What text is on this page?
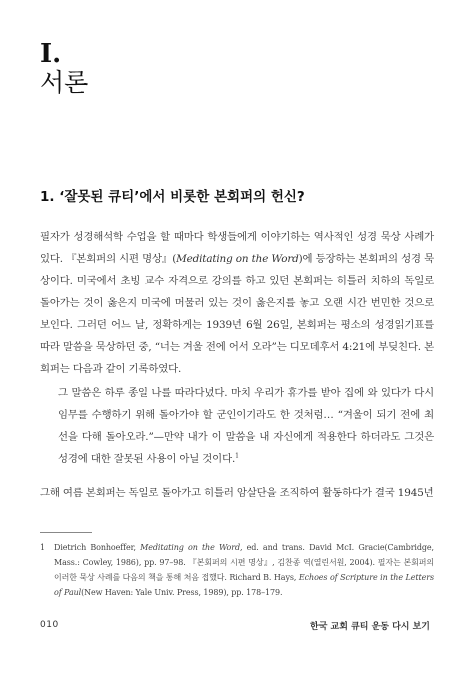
I.
서론
1. ‘잘못된 큐티’에서 비롯한 본회퍼의 헌신?
필자가 성경해석학 수업을 할 때마다 학생들에게 이야기하는 역사적인 성경 묵상 사례가 있다. 『본회퍼의 시편 명상』(Meditating on the Word)에 등장하는 본회퍼의 성경 묵상이다. 미국에서 초빙 교수 자격으로 강의를 하고 있던 본회퍼는 히틀러 치하의 독일로 돌아가는 것이 옳은지 미국에 머물러 있는 것이 옳은지를 놓고 오랜 시간 번민한 것으로 보인다. 그러던 어느 날, 정확하게는 1939년 6월 26일, 본회퍼는 평소의 성경읽기표를 따라 말씀을 묵상하던 중, “너는 겨울 전에 어서 오라”는 디모데후서 4:21에 부딪친다. 본회퍼는 다음과 같이 기록하였다.
그 말씀은 하루 종일 나를 따라다녔다. 마치 우리가 휴가를 받아 집에 와 있다가 다시 임무를 수행하기 위해 돌아가야 할 군인이기라도 한 것처럼… “겨울이 되기 전에 최선을 다해 돌아오라.”—만약 내가 이 말씀을 내 자신에게 적용한다 하더라도 그것은 성경에 대한 잘못된 사용이 아닐 것이다.$^1$
그해 여름 본회퍼는 독일로 돌아가고 히틀러 암살단을 조직하여 활동하다가 결국 1945년
1 Dietrich Bonhoeffer, Meditating on the Word, ed. and trans. David McI. Gracie(Cambridge, Mass.: Cowley, 1986), pp. 97–98. 『본회퍼의 시편 명상』, 김찬종 역(열린서원, 2004). 필자는 본회퍼의 이러한 묵상 사례를 다음의 책을 통해 처음 접했다. Richard B. Hays, Echoes of Scripture in the Letters of Paul(New Haven: Yale Univ. Press, 1989), pp. 178–179.
010	한국 교회 큐티 운동 다시 보기
